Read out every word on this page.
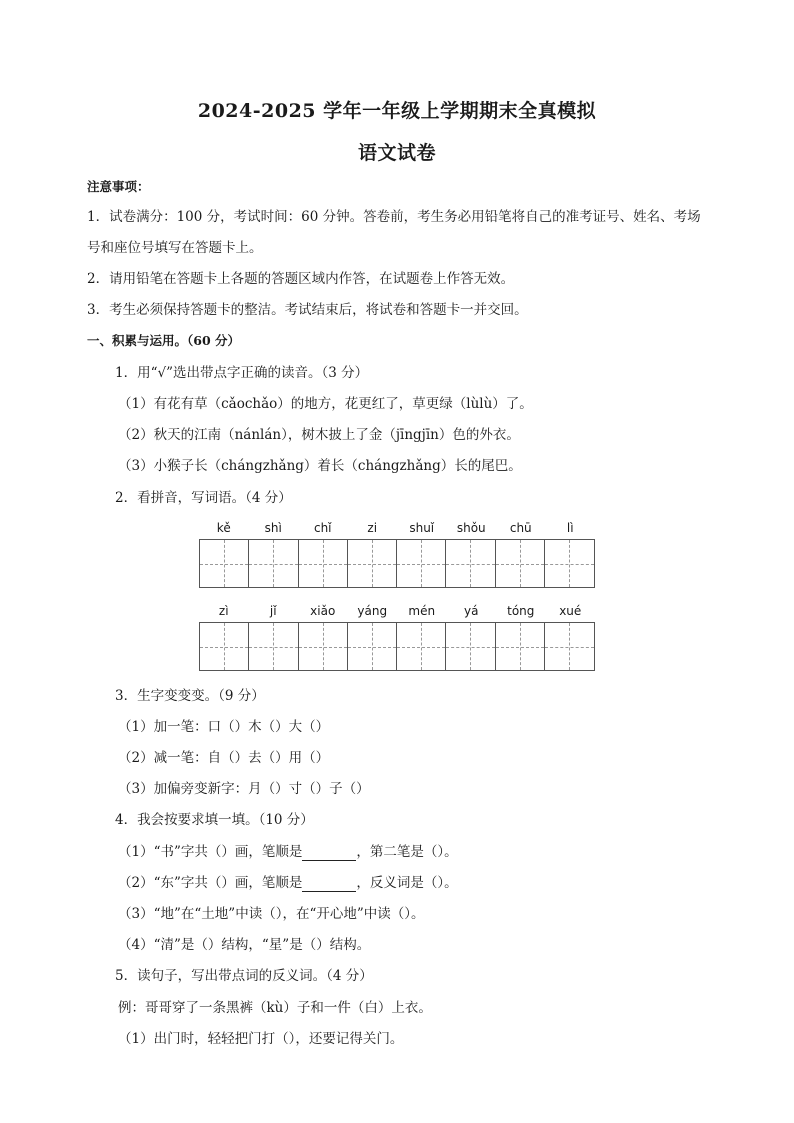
2024-2025 学年一年级上学期期末全真模拟
语文试卷
注意事项：
1．试卷满分：100 分，考试时间：60 分钟。答卷前，考生务必用铅笔将自己的准考证号、姓名、考场
号和座位号填写在答题卡上。
2．请用铅笔在答题卡上各题的答题区域内作答，在试题卷上作答无效。
3．考生必须保持答题卡的整洁。考试结束后，将试卷和答题卡一并交回。
一、积累与运用。（60 分）
1．用“√”选出带点字正确的读音。（3 分）
（1）有花有草（cǎochǎo）的地方，花更红了，草更绿（lùlù）了。
（2）秋天的江南（nánlán），树木披上了金（jīngjīn）色的外衣。
（3）小猴子长（chángzhǎng）着长（chángzhǎng）长的尾巴。
2．看拼音，写词语。（4 分）
kě	shì	chǐ	zi	shuǐ	shǒu	chū	lì
zì	jǐ	xiǎo	yáng	mén	yá	tóng	xué
3．生字变变变。（9 分）
（1）加一笔：口（）木（）大（）
（2）减一笔：自（）去（）用（）
（3）加偏旁变新字：月（）寸（）子（）
4．我会按要求填一填。（10 分）
（1）“书”字共（）画，笔顺是	，第二笔是（）。
（2）“东”字共（）画，笔顺是	，反义词是（）。
（3）“地”在“土地”中读（），在“开心地”中读（）。
（4）“清”是（）结构，“星”是（）结构。
5．读句子，写出带点词的反义词。（4 分）
例：哥哥穿了一条黑裤（kù）子和一件（白）上衣。
（1）出门时，轻轻把门打（），还要记得关门。
